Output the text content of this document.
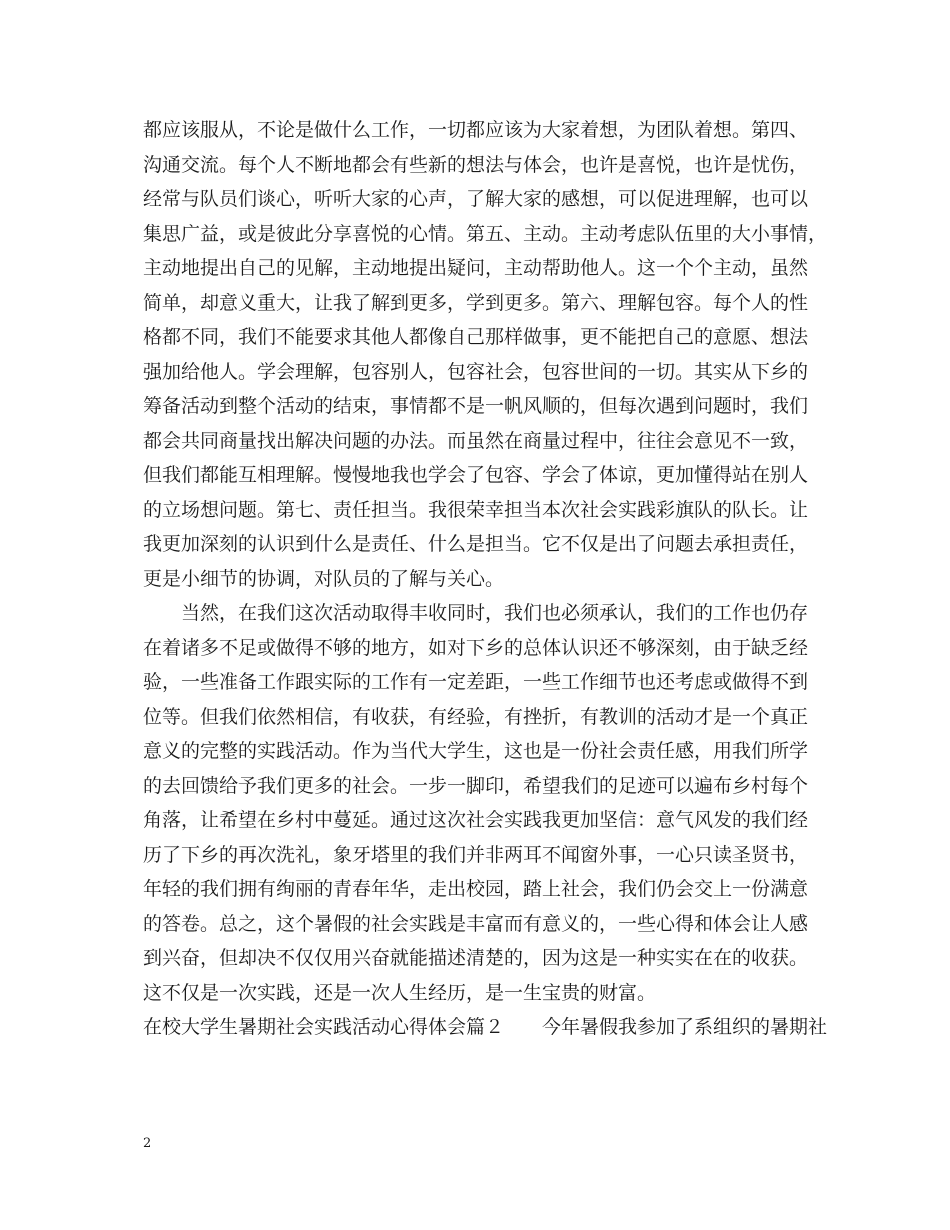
都应该服从，不论是做什么工作，一切都应该为大家着想，为团队着想。第四、
沟通交流。每个人不断地都会有些新的想法与体会，也许是喜悦，也许是忧伤，
经常与队员们谈心，听听大家的心声，了解大家的感想，可以促进理解，也可以
集思广益，或是彼此分享喜悦的心情。第五、主动。主动考虑队伍里的大小事情，
主动地提出自己的见解，主动地提出疑问，主动帮助他人。这一个个主动，虽然
简单，却意义重大，让我了解到更多，学到更多。第六、理解包容。每个人的性
格都不同，我们不能要求其他人都像自己那样做事，更不能把自己的意愿、想法
强加给他人。学会理解，包容别人，包容社会，包容世间的一切。其实从下乡的
筹备活动到整个活动的结束，事情都不是一帆风顺的，但每次遇到问题时，我们
都会共同商量找出解决问题的办法。而虽然在商量过程中，往往会意见不一致，
但我们都能互相理解。慢慢地我也学会了包容、学会了体谅，更加懂得站在别人
的立场想问题。第七、责任担当。我很荣幸担当本次社会实践彩旗队的队长。让
我更加深刻的认识到什么是责任、什么是担当。它不仅是出了问题去承担责任，
更是小细节的协调，对队员的了解与关心。
当然，在我们这次活动取得丰收同时，我们也必须承认，我们的工作也仍存
在着诸多不足或做得不够的地方，如对下乡的总体认识还不够深刻，由于缺乏经
验，一些准备工作跟实际的工作有一定差距，一些工作细节也还考虑或做得不到
位等。但我们依然相信，有收获，有经验，有挫折，有教训的活动才是一个真正
意义的完整的实践活动。作为当代大学生，这也是一份社会责任感，用我们所学
的去回馈给予我们更多的社会。一步一脚印，希望我们的足迹可以遍布乡村每个
角落，让希望在乡村中蔓延。通过这次社会实践我更加坚信：意气风发的我们经
历了下乡的再次洗礼，象牙塔里的我们并非两耳不闻窗外事，一心只读圣贤书，
年轻的我们拥有绚丽的青春年华，走出校园，踏上社会，我们仍会交上一份满意
的答卷。总之，这个暑假的社会实践是丰富而有意义的，一些心得和体会让人感
到兴奋，但却决不仅仅用兴奋就能描述清楚的，因为这是一种实实在在的收获。
这不仅是一次实践，还是一次人生经历，是一生宝贵的财富。
在校大学生暑期社会实践活动心得体会篇２　　今年暑假我参加了系组织的暑期社
2
